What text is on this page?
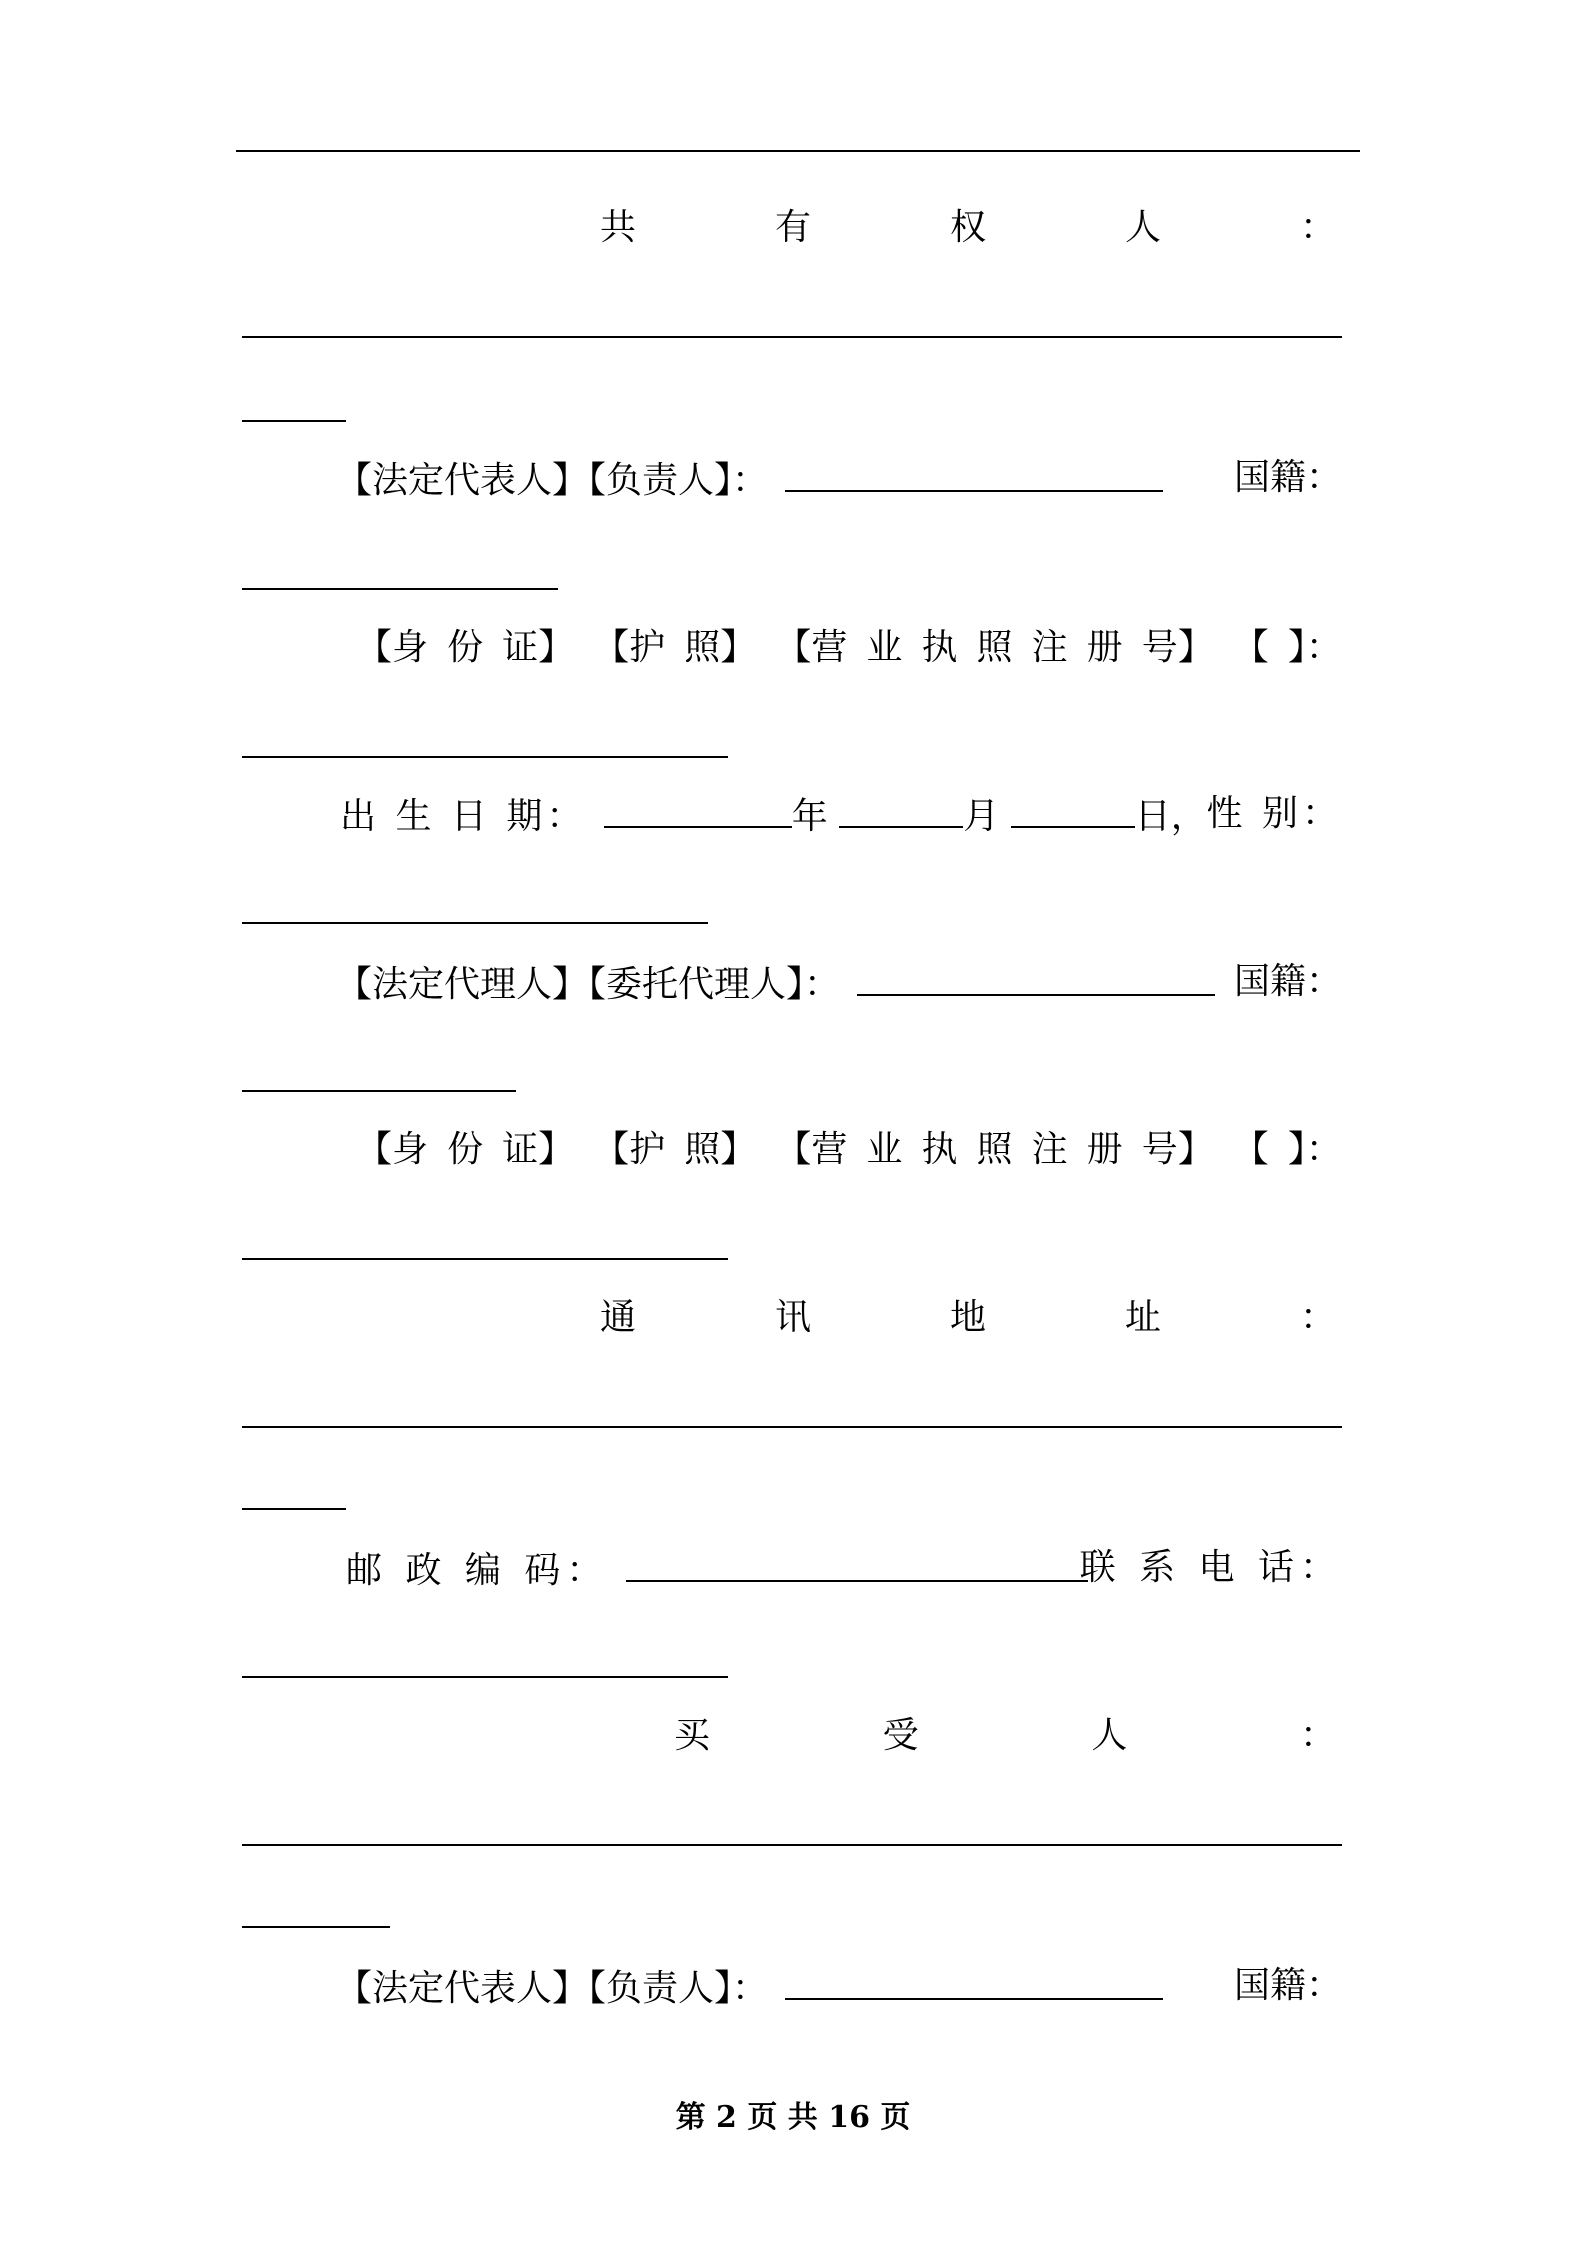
共	有	权	人	：
【法定代表人】【负责人】：	国籍：
【身 份 证】 【护 照】 【营 业 执 照 注 册 号】 【 】：
出 生 日 期：	年	月	日， 性 别：
【法定代理人】【委托代理人】：	国籍：
【身 份 证】 【护 照】 【营 业 执 照 注 册 号】 【 】：
通	讯	地	址	：
邮 政 编 码：	联 系 电 话：
买	受	人	：
【法定代表人】【负责人】：	国籍：
第 2 页 共 16 页
